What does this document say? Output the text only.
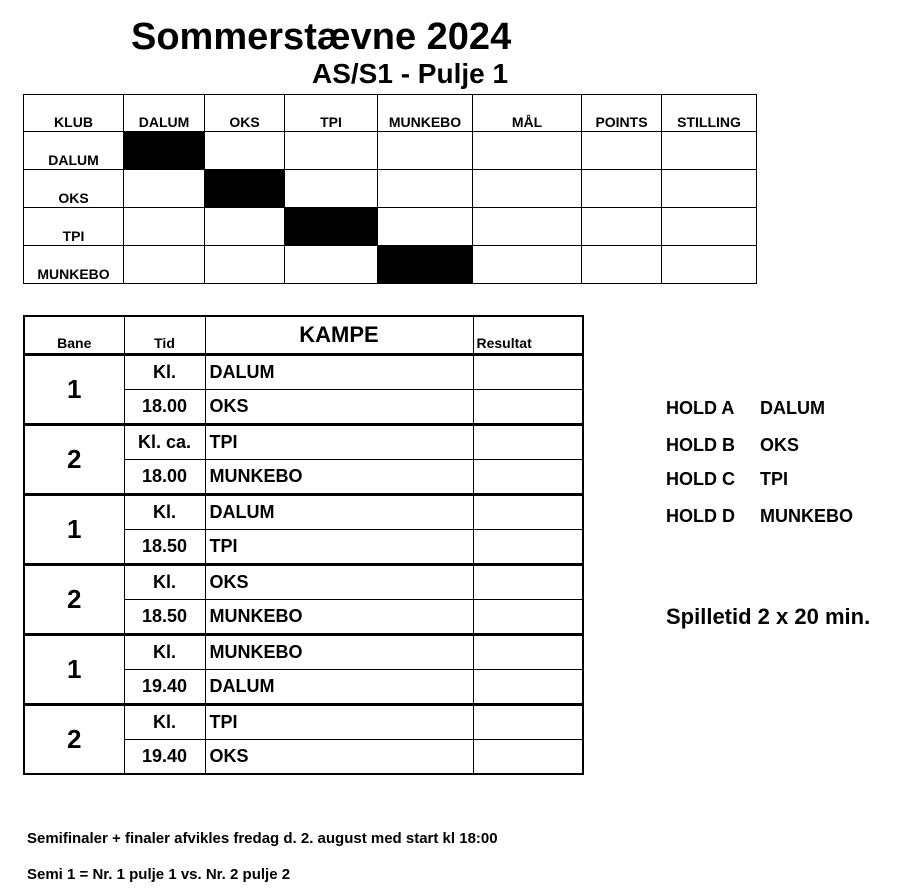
Sommerstævne 2024
AS/S1 - Pulje 1
KLUB	DALUM	OKS	TPI	MUNKEBO	MÅL	POINTS	STILLING
DALUM							
OKS							
TPI							
MUNKEBO							
Bane	Tid	KAMPE	Resultat
1	Kl.	DALUM	
	18.00	OKS	
2	Kl. ca.	TPI	
	18.00	MUNKEBO	
1	Kl.	DALUM	
	18.50	TPI	
2	Kl.	OKS	
	18.50	MUNKEBO	
1	Kl.	MUNKEBO	
	19.40	DALUM	
2	Kl.	TPI	
	19.40	OKS	
HOLD A DALUM
HOLD B OKS
HOLD C TPI
HOLD D MUNKEBO
Spilletid 2 x 20 min.
Semifinaler + finaler afvikles fredag d. 2. august med start kl 18:00
Semi 1 = Nr. 1 pulje 1 vs. Nr. 2 pulje 2
